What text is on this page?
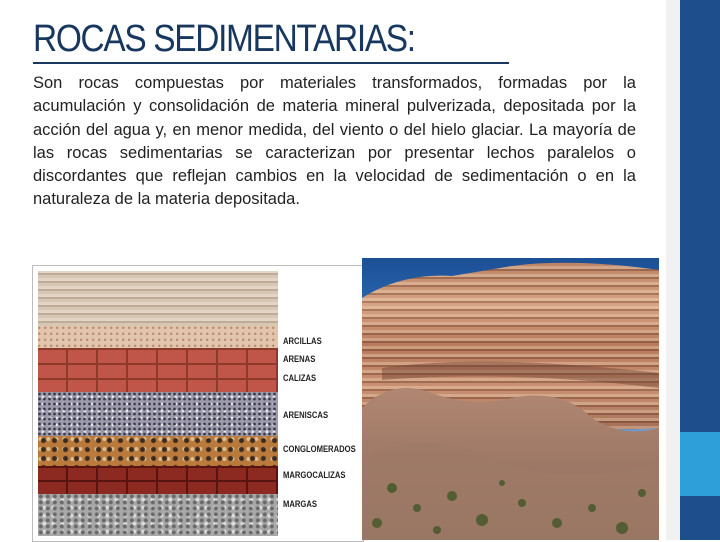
ROCAS SEDIMENTARIAS:

Son rocas compuestas por materiales transformados, formadas por la acumulación y consolidación de materia mineral pulverizada, depositada por la acción del agua y, en menor medida, del viento o del hielo glaciar. La mayoría de las rocas sedimentarias se caracterizan por presentar lechos paralelos o discordantes que reflejan cambios en la velocidad de sedimentación o en la naturaleza de la materia depositada.

ARCILLAS
ARENAS
CALIZAS
ARENISCAS
CONGLOMERADOS
MARGOCALIZAS
MARGAS
